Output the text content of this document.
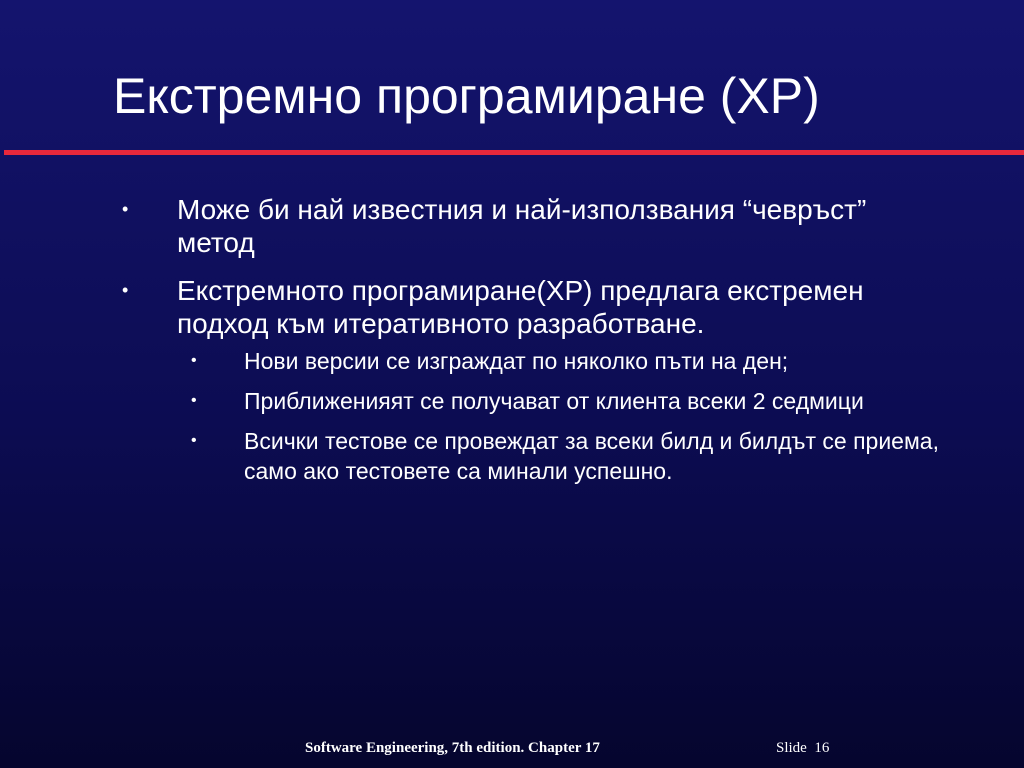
Екстремно програмиране (XP)
• Може би най известния и най-използвания “чевръст” метод
• Екстремното програмиране(XP) предлага екстремен подход към итеративното разработване.
• Нови версии се изграждат по няколко пъти на ден;
• Приближенияят се получават от клиента всеки 2 седмици
• Всички тестове се провеждат за всеки билд и билдът се приема, само ако тестовете са минали успешно.
Software Engineering, 7th edition. Chapter 17	Slide 16
